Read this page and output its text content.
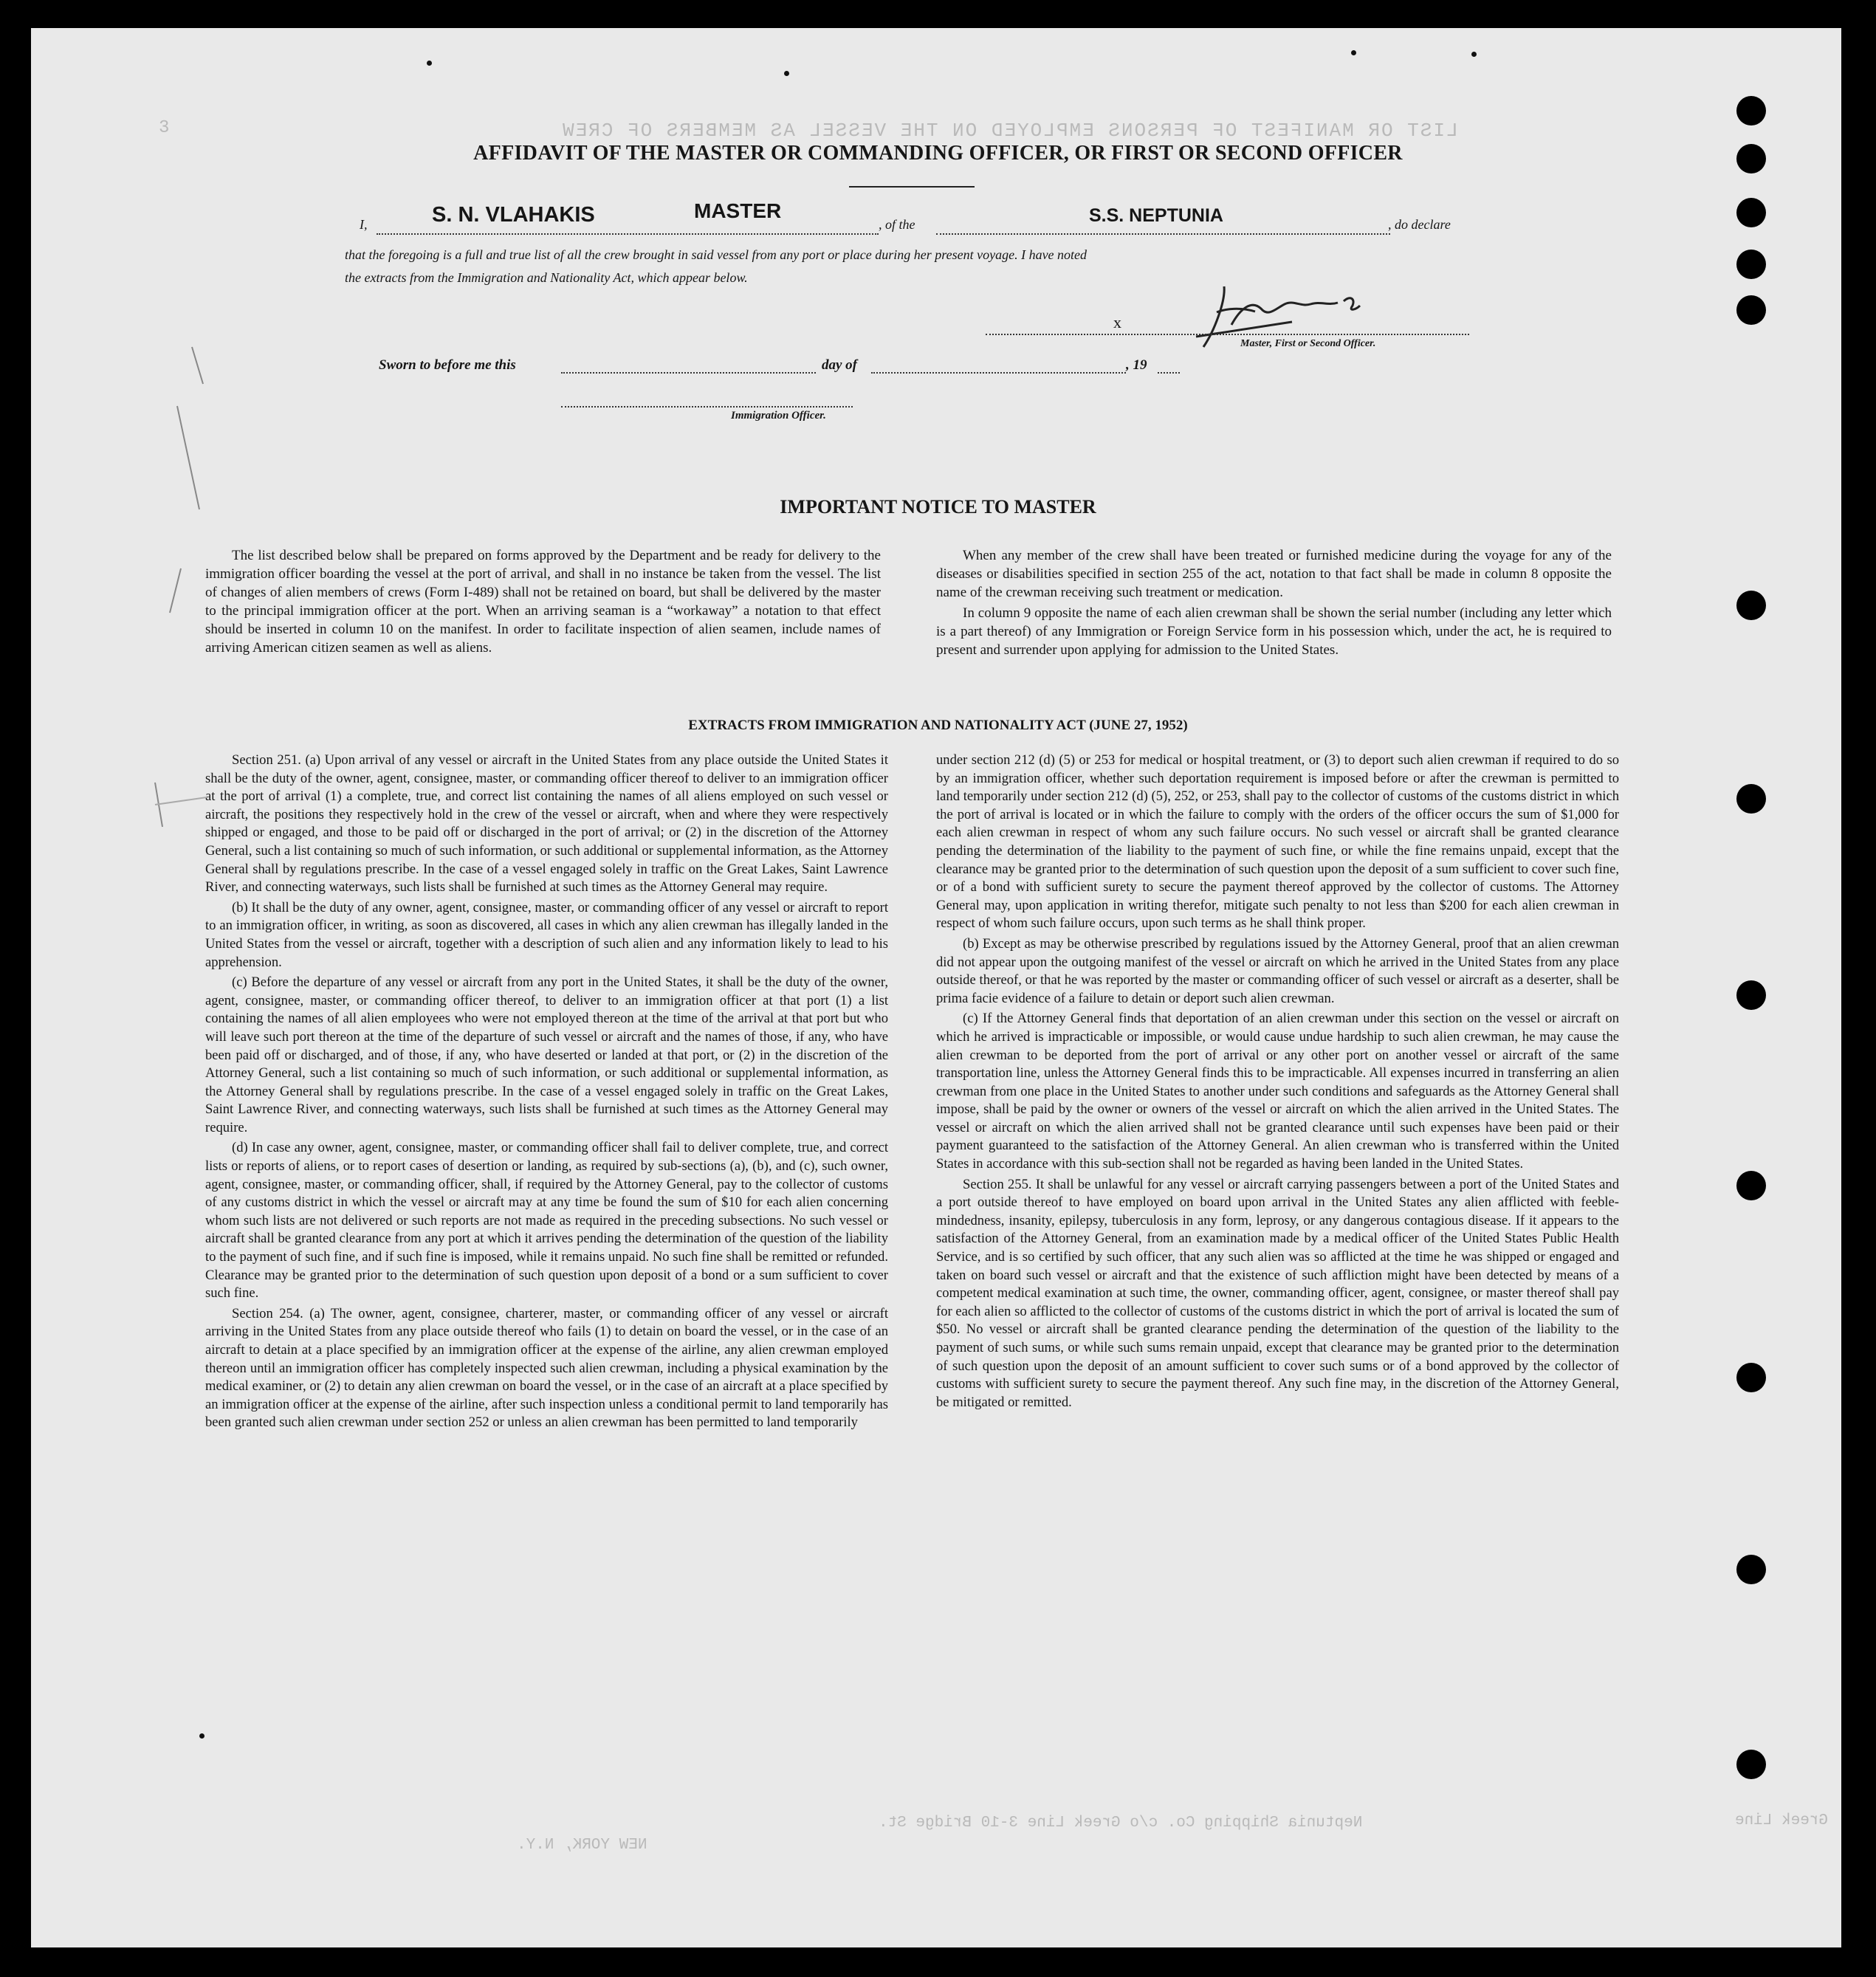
3	LIST OR MANIFEST OF PERSONS EMPLOYED ON THE VESSEL AS MEMBERS OF CREW
Neptunia Shipping Co. c/o Greek Line 3-10 Bridge St.
NEW YORK, N.Y.
Greek Line
AFFIDAVIT OF THE MASTER OR COMMANDING OFFICER, OR FIRST OR SECOND OFFICER
I,	S. N. VLAHAKIS	MASTER
, of the	S.S. NEPTUNIA	, do declare
that the foregoing is a full and true list of all the crew brought in said vessel from any port or place during her present voyage. I have noted
the extracts from the Immigration and Nationality Act, which appear below.
x
Master, First or Second Officer.
Sworn to before me this	day of	, 19
Immigration Officer.
IMPORTANT NOTICE TO MASTER

The list described below shall be prepared on forms approved by the Department and be ready for delivery to the immigration officer boarding the vessel at the port of arrival, and shall in no instance be taken from the vessel. The list of changes of alien members of crews (Form I-489) shall not be retained on board, but shall be delivered by the master to the principal immigration officer at the port. When an arriving seaman is a “workaway” a notation to that effect should be inserted in column 10 on the manifest. In order to facilitate inspection of alien seamen, include names of arriving American citizen seamen as well as aliens.

When any member of the crew shall have been treated or furnished medicine during the voyage for any of the diseases or disabilities specified in section 255 of the act, notation to that fact shall be made in column 8 opposite the name of the crewman receiving such treatment or medication.

In column 9 opposite the name of each alien crewman shall be shown the serial number (including any letter which is a part thereof) of any Immigration or Foreign Service form in his possession which, under the act, he is required to present and surrender upon applying for admission to the United States.

EXTRACTS FROM IMMIGRATION AND NATIONALITY ACT (JUNE 27, 1952)

Section 251. (a) Upon arrival of any vessel or aircraft in the United States from any place outside the United States it shall be the duty of the owner, agent, consignee, master, or commanding officer thereof to deliver to an immigration officer at the port of arrival (1) a complete, true, and correct list containing the names of all aliens employed on such vessel or aircraft, the positions they respectively hold in the crew of the vessel or aircraft, when and where they were respectively shipped or engaged, and those to be paid off or discharged in the port of arrival; or (2) in the discretion of the Attorney General, such a list containing so much of such information, or such additional or supplemental information, as the Attorney General shall by regulations prescribe. In the case of a vessel engaged solely in traffic on the Great Lakes, Saint Lawrence River, and connecting waterways, such lists shall be furnished at such times as the Attorney General may require.

(b) It shall be the duty of any owner, agent, consignee, master, or commanding officer of any vessel or aircraft to report to an immigration officer, in writing, as soon as discovered, all cases in which any alien crewman has illegally landed in the United States from the vessel or aircraft, together with a description of such alien and any information likely to lead to his apprehension.

(c) Before the departure of any vessel or aircraft from any port in the United States, it shall be the duty of the owner, agent, consignee, master, or commanding officer thereof, to deliver to an immigration officer at that port (1) a list containing the names of all alien employees who were not employed thereon at the time of the arrival at that port but who will leave such port thereon at the time of the departure of such vessel or aircraft and the names of those, if any, who have been paid off or discharged, and of those, if any, who have deserted or landed at that port, or (2) in the discretion of the Attorney General, such a list containing so much of such information, or such additional or supplemental information, as the Attorney General shall by regulations prescribe. In the case of a vessel engaged solely in traffic on the Great Lakes, Saint Lawrence River, and connecting waterways, such lists shall be furnished at such times as the Attorney General may require.

(d) In case any owner, agent, consignee, master, or commanding officer shall fail to deliver complete, true, and correct lists or reports of aliens, or to report cases of desertion or landing, as required by sub-sections (a), (b), and (c), such owner, agent, consignee, master, or commanding officer, shall, if required by the Attorney General, pay to the collector of customs of any customs district in which the vessel or aircraft may at any time be found the sum of $10 for each alien concerning whom such lists are not delivered or such reports are not made as required in the preceding subsections. No such vessel or aircraft shall be granted clearance from any port at which it arrives pending the determination of the question of the liability to the payment of such fine, and if such fine is imposed, while it remains unpaid. No such fine shall be remitted or refunded. Clearance may be granted prior to the determination of such question upon deposit of a bond or a sum sufficient to cover such fine.

Section 254. (a) The owner, agent, consignee, charterer, master, or commanding officer of any vessel or aircraft arriving in the United States from any place outside thereof who fails (1) to detain on board the vessel, or in the case of an aircraft to detain at a place specified by an immigration officer at the expense of the airline, any alien crewman employed thereon until an immigration officer has completely inspected such alien crewman, including a physical examination by the medical examiner, or (2) to detain any alien crewman on board the vessel, or in the case of an aircraft at a place specified by an immigration officer at the expense of the airline, after such inspection unless a conditional permit to land temporarily has been granted such alien crewman under section 252 or unless an alien crewman has been permitted to land temporarily

under section 212 (d) (5) or 253 for medical or hospital treatment, or (3) to deport such alien crewman if required to do so by an immigration officer, whether such deportation requirement is imposed before or after the crewman is permitted to land temporarily under section 212 (d) (5), 252, or 253, shall pay to the collector of customs of the customs district in which the port of arrival is located or in which the failure to comply with the orders of the officer occurs the sum of $1,000 for each alien crewman in respect of whom any such failure occurs. No such vessel or aircraft shall be granted clearance pending the determination of the liability to the payment of such fine, or while the fine remains unpaid, except that the clearance may be granted prior to the determination of such question upon the deposit of a sum sufficient to cover such fine, or of a bond with sufficient surety to secure the payment thereof approved by the collector of customs. The Attorney General may, upon application in writing therefor, mitigate such penalty to not less than $200 for each alien crewman in respect of whom such failure occurs, upon such terms as he shall think proper.

(b) Except as may be otherwise prescribed by regulations issued by the Attorney General, proof that an alien crewman did not appear upon the outgoing manifest of the vessel or aircraft on which he arrived in the United States from any place outside thereof, or that he was reported by the master or commanding officer of such vessel or aircraft as a deserter, shall be prima facie evidence of a failure to detain or deport such alien crewman.

(c) If the Attorney General finds that deportation of an alien crewman under this section on the vessel or aircraft on which he arrived is impracticable or impossible, or would cause undue hardship to such alien crewman, he may cause the alien crewman to be deported from the port of arrival or any other port on another vessel or aircraft of the same transportation line, unless the Attorney General finds this to be impracticable. All expenses incurred in transferring an alien crewman from one place in the United States to another under such conditions and safeguards as the Attorney General shall impose, shall be paid by the owner or owners of the vessel or aircraft on which the alien arrived in the United States. The vessel or aircraft on which the alien arrived shall not be granted clearance until such expenses have been paid or their payment guaranteed to the satisfaction of the Attorney General. An alien crewman who is transferred within the United States in accordance with this sub-section shall not be regarded as having been landed in the United States.

Section 255. It shall be unlawful for any vessel or aircraft carrying passengers between a port of the United States and a port outside thereof to have employed on board upon arrival in the United States any alien afflicted with feeble-mindedness, insanity, epilepsy, tuberculosis in any form, leprosy, or any dangerous contagious disease. If it appears to the satisfaction of the Attorney General, from an examination made by a medical officer of the United States Public Health Service, and is so certified by such officer, that any such alien was so afflicted at the time he was shipped or engaged and taken on board such vessel or aircraft and that the existence of such affliction might have been detected by means of a competent medical examination at such time, the owner, commanding officer, agent, consignee, or master thereof shall pay for each alien so afflicted to the collector of customs of the customs district in which the port of arrival is located the sum of $50. No vessel or aircraft shall be granted clearance pending the determination of the question of the liability to the payment of such sums, or while such sums remain unpaid, except that clearance may be granted prior to the determination of such question upon the deposit of an amount sufficient to cover such sums or of a bond approved by the collector of customs with sufficient surety to secure the payment thereof. Any such fine may, in the discretion of the Attorney General, be mitigated or remitted.
